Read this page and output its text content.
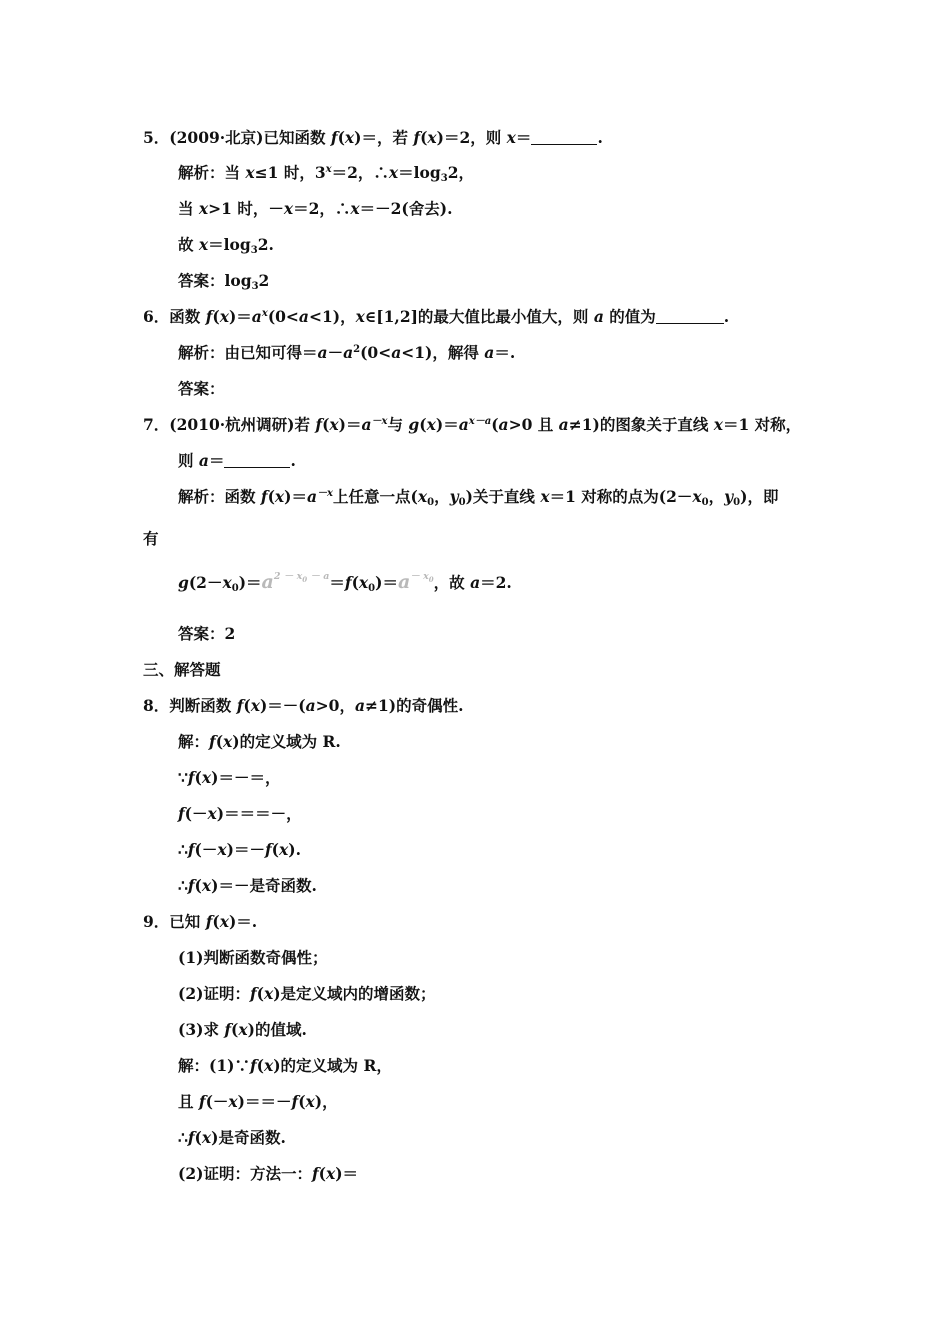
5．(2009·北京)已知函数 f(x)＝，若 f(x)＝2，则 x＝	.
解析：当 x≤1 时，$3^x=2$，$\therefore x=\log_32$，
当 x>1 时，－x＝2，∴x＝－2(舍去).
故 $x=\log_32$.
答案：$\log_32$
6．函数 $f(x)=a^x(0<a<1)$，x∈[1,2]的最大值比最小值大，则 a 的值为	.
解析：由已知可得$=a-a^2(0<a<1)$，解得 a＝.
答案：
7．(2010·杭州调研)若 $f(x)=a^{-x}$与 $g(x)=a^{x-a}(a>0$ 且 a≠1)的图象关于直线 x＝1 对称，
则 a＝	.
解析：函数 $f(x)=a^{-x}$上任意一点($x_0$，$y_0$)关于直线 x＝1 对称的点为($2-x_0$，$y_0$)，即
有
$g(2-x_0)=a^{2 - x_0 - a}=f(x_0)=a^{- x_0}$，故 a＝2.
答案：2
三、解答题
8．判断函数 f(x)＝－(a>0，a≠1)的奇偶性.
解：f(x)的定义域为 R.
∵f(x)＝－＝，
f(－x)＝＝＝－，
∴f(－x)＝－f(x).
∴f(x)＝－是奇函数.
9．已知 f(x)＝.
(1)判断函数奇偶性；
(2)证明：f(x)是定义域内的增函数；
(3)求 f(x)的值域.
解：(1)∵f(x)的定义域为 R，
且 f(－x)＝＝－f(x)，
∴f(x)是奇函数.
(2)证明：方法一：f(x)＝
